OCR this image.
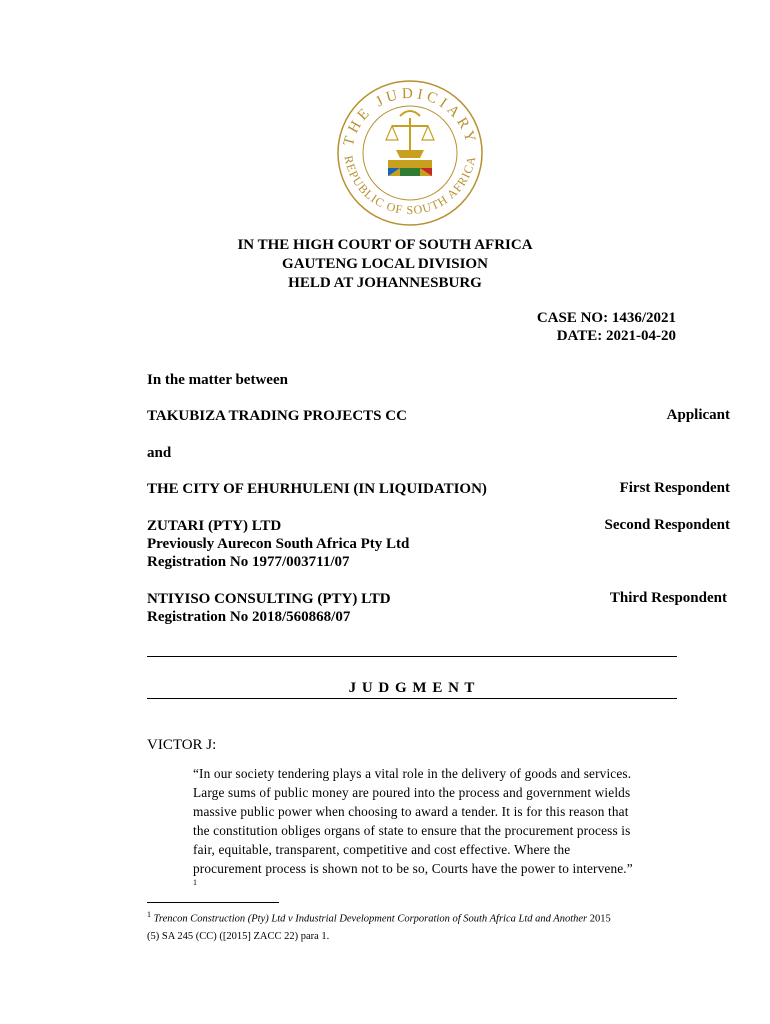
THE JUDICIARY
REPUBLIC OF SOUTH AFRICA
IN THE HIGH COURT OF SOUTH AFRICA
GAUTENG LOCAL DIVISION
HELD AT JOHANNESBURG
CASE NO: 1436/2021
DATE: 2021-04-20
In the matter between
TAKUBIZA TRADING PROJECTS CC	Applicant
and
THE CITY OF EHURHULENI (IN LIQUIDATION)	First Respondent
ZUTARI (PTY) LTD
Previously Aurecon South Africa Pty Ltd
Registration No 1977/003711/07
Second Respondent
NTIYISO CONSULTING (PTY) LTD
Registration No 2018/560868/07
Third Respondent
J U D G M E N T
VICTOR J:
“In our society tendering plays a vital role in the delivery of goods and services.
Large sums of public money are poured into the process and government wields
massive public power when choosing to award a tender. It is for this reason that
the constitution obliges organs of state to ensure that the procurement process is
fair, equitable, transparent, competitive and cost effective. Where the
procurement process is shown not to be so, Courts have the power to intervene.”
1
$^1$ Trencon Construction (Pty) Ltd v Industrial Development Corporation of South Africa Ltd and Another 2015
(5) SA 245 (CC) ([2015] ZACC 22) para 1.
